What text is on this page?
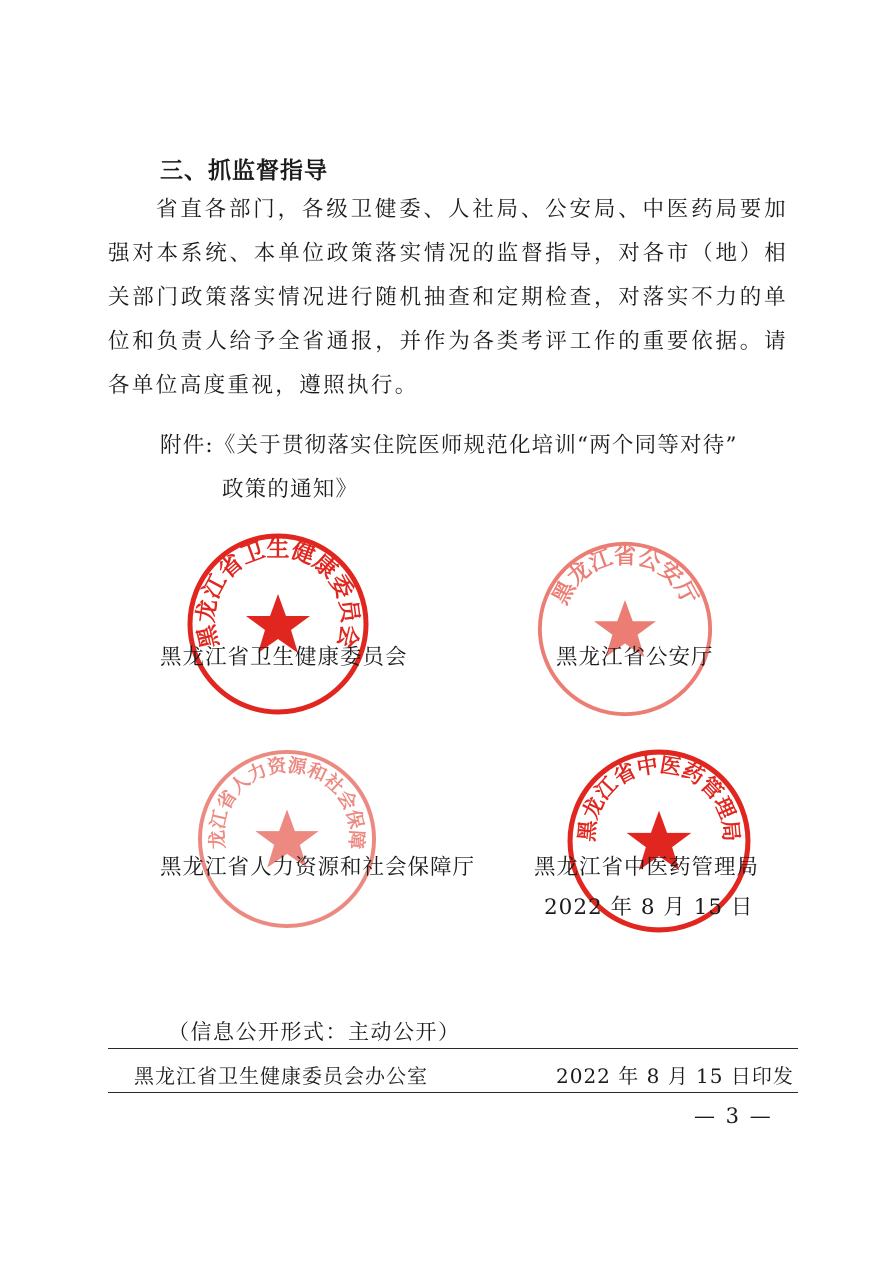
三、抓监督指导

省直各部门，各级卫健委、人社局、公安局、中医药局要加强对本系统、本单位政策落实情况的监督指导，对各市（地）相关部门政策落实情况进行随机抽查和定期检查，对落实不力的单位和负责人给予全省通报，并作为各类考评工作的重要依据。请各单位高度重视，遵照执行。

附件:《关于贯彻落实住院医师规范化培训“两个同等对待”
政策的通知》
黑龙江省卫生健康委员会
黑龙江省公安厅
黑龙江省人力资源和社会保障厅
黑龙江省中医药管理局
黑龙江省卫生健康委员会	黑龙江省公安厅
黑龙江省人力资源和社会保障厅	黑龙江省中医药管理局
2022 年 8 月 15 日
（信息公开形式：主动公开）
黑龙江省卫生健康委员会办公室	2022 年 8 月 15 日印发
— 3 —
